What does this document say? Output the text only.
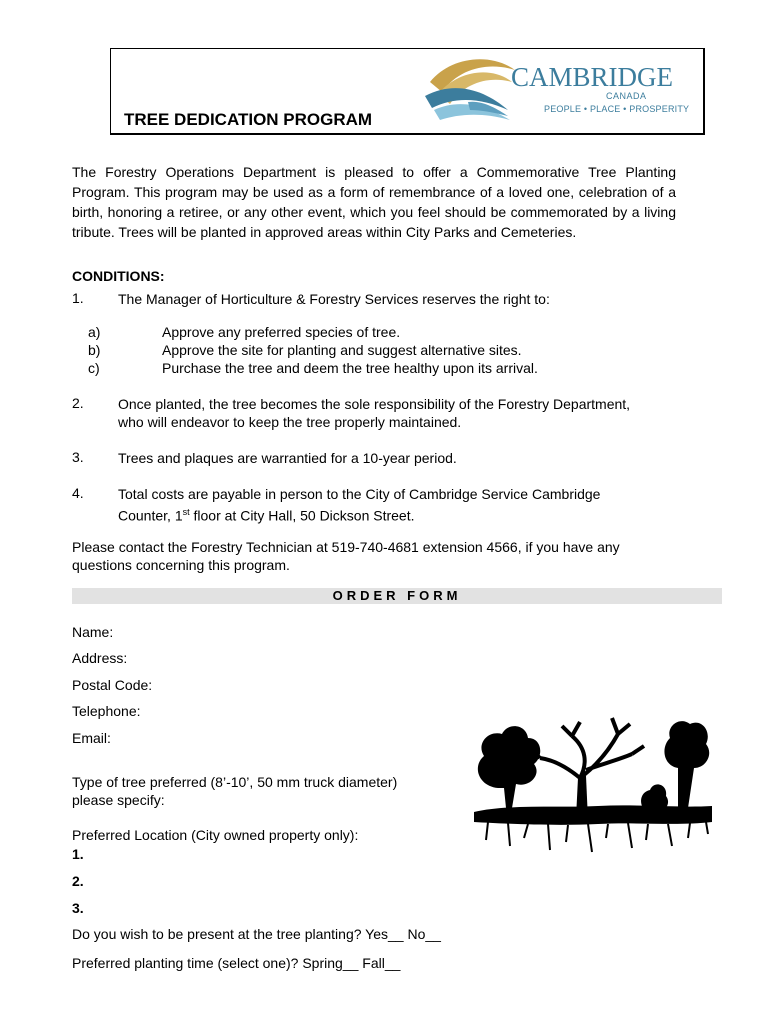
CAMBRIDGE
CANADA
PEOPLE • PLACE • PROSPERITY
TREE DEDICATION PROGRAM
The Forestry Operations Department is pleased to offer a Commemorative Tree Planting Program. This program may be used as a form of remembrance of a loved one, celebration of a birth, honoring a retiree, or any other event, which you feel should be commemorated by a living tribute. Trees will be planted in approved areas within City Parks and Cemeteries.
CONDITIONS:
1. The Manager of Horticulture & Forestry Services reserves the right to:
a)	Approve any preferred species of tree.
b)	Approve the site for planting and suggest alternative sites.
c)	Purchase the tree and deem the tree healthy upon its arrival.
2. Once planted, the tree becomes the sole responsibility of the Forestry Department,
who will endeavor to keep the tree properly maintained.
3. Trees and plaques are warrantied for a 10-year period.
4. Total costs are payable in person to the City of Cambridge Service Cambridge
Counter, 1st floor at City Hall, 50 Dickson Street.
Please contact the Forestry Technician at 519-740-4681 extension 4566, if you have any questions concerning this program.
ORDER FORM
Name:
Address:
Postal Code:
Telephone:
Email:
Type of tree preferred (8’-10’, 50 mm truck diameter)
please specify:
Preferred Location (City owned property only):
1.
2.
3.
Do you wish to be present at the tree planting? Yes__ No__
Preferred planting time (select one)? Spring__ Fall__
